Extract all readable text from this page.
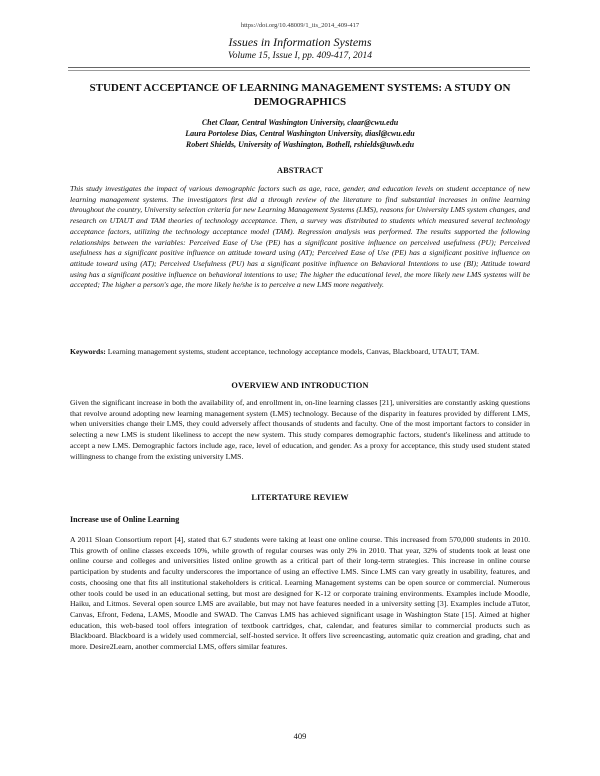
https://doi.org/10.48009/1_iis_2014_409-417
Issues in Information Systems
Volume 15, Issue I, pp. 409-417, 2014
STUDENT ACCEPTANCE OF LEARNING MANAGEMENT SYSTEMS: A STUDY ON DEMOGRAPHICS
Chet Claar, Central Washington University, claar@cwu.edu
Laura Portolese Dias, Central Washington University, diasl@cwu.edu
Robert Shields, University of Washington, Bothell, rshields@uwb.edu
ABSTRACT
This study investigates the impact of various demographic factors such as age, race, gender, and education levels on student acceptance of new learning management systems. The investigators first did a through review of the literature to find substantial increases in online learning throughout the country, University selection criteria for new Learning Management Systems (LMS), reasons for University LMS system changes, and research on UTAUT and TAM theories of technology acceptance. Then, a survey was distributed to students which measured several technology acceptance factors, utilizing the technology acceptance model (TAM). Regression analysis was performed. The results supported the following relationships between the variables: Perceived Ease of Use (PE) has a significant positive influence on perceived usefulness (PU); Perceived usefulness has a significant positive influence on attitude toward using (AT); Perceived Ease of Use (PE) has a significant positive influence on attitude toward using (AT); Perceived Usefulness (PU) has a significant positive influence on Behavioral Intentions to use (BI); Attitude toward using has a significant positive influence on behavioral intentions to use; The higher the educational level, the more likely new LMS systems will be accepted; The higher a person's age, the more likely he/she is to perceive a new LMS more negatively.
Keywords: Learning management systems, student acceptance, technology acceptance models, Canvas, Blackboard, UTAUT, TAM.
OVERVIEW AND INTRODUCTION
Given the significant increase in both the availability of, and enrollment in, on-line learning classes [21], universities are constantly asking questions that revolve around adopting new learning management system (LMS) technology. Because of the disparity in features provided by different LMS, when universities change their LMS, they could adversely affect thousands of students and faculty. One of the most important factors to consider in selecting a new LMS is student likeliness to accept the new system. This study compares demographic factors, student's likeliness and attitude to accept a new LMS. Demographic factors include age, race, level of education, and gender. As a proxy for acceptance, this study used student stated willingness to change from the existing university LMS.
LITERTATURE REVIEW
Increase use of Online Learning
A 2011 Sloan Consortium report [4], stated that 6.7 students were taking at least one online course. This increased from 570,000 students in 2010. This growth of online classes exceeds 10%, while growth of regular courses was only 2% in 2010. That year, 32% of students took at least one online course and colleges and universities listed online growth as a critical part of their long-term strategies. This increase in online course participation by students and faculty underscores the importance of using an effective LMS. Since LMS can vary greatly in usability, features, and costs, choosing one that fits all institutional stakeholders is critical. Learning Management systems can be open source or commercial. Numerous other tools could be used in an educational setting, but most are designed for K-12 or corporate training environments. Examples include Moodle, Haiku, and Litmos. Several open source LMS are available, but may not have features needed in a university setting [3]. Examples include aTutor, Canvas, Efront, Fedena, LAMS, Moodle and SWAD. The Canvas LMS has achieved significant usage in Washington State [15]. Aimed at higher education, this web-based tool offers integration of textbook cartridges, chat, calendar, and features similar to commercial products such as Blackboard. Blackboard is a widely used commercial, self-hosted service. It offers live screencasting, automatic quiz creation and grading, chat and more. Desire2Learn, another commercial LMS, offers similar features.
409
